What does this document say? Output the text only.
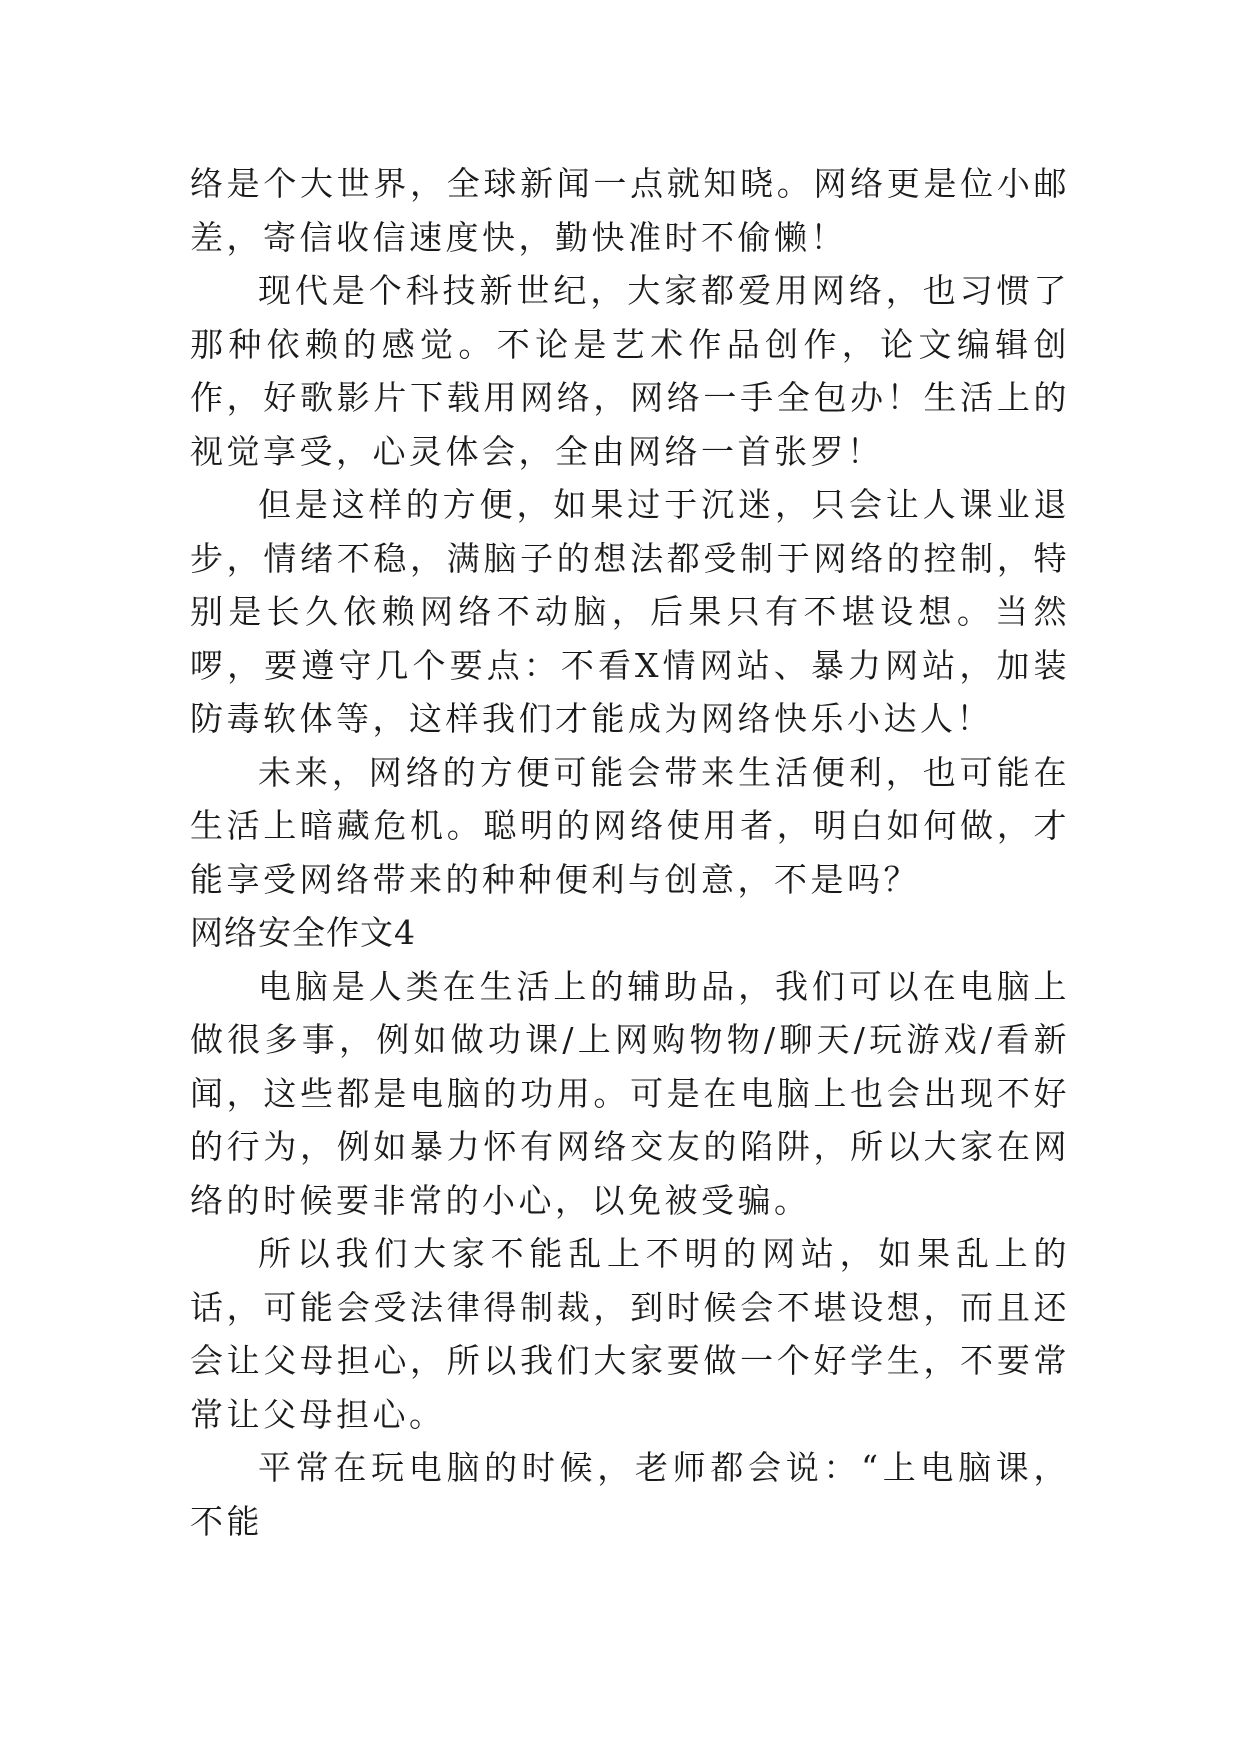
络是个大世界，全球新闻一点就知晓。网络更是位小邮差，寄信收信速度快，勤快准时不偷懒！

现代是个科技新世纪，大家都爱用网络，也习惯了那种依赖的感觉。不论是艺术作品创作，论文编辑创作，好歌影片下载用网络，网络一手全包办！生活上的视觉享受，心灵体会，全由网络一首张罗！

但是这样的方便，如果过于沉迷，只会让人课业退步，情绪不稳，满脑子的想法都受制于网络的控制，特别是长久依赖网络不动脑，后果只有不堪设想。当然啰，要遵守几个要点：不看X情网站、暴力网站，加装防毒软体等，这样我们才能成为网络快乐小达人！

未来，网络的方便可能会带来生活便利，也可能在生活上暗藏危机。聪明的网络使用者，明白如何做，才能享受网络带来的种种便利与创意，不是吗？

网络安全作文4

电脑是人类在生活上的辅助品，我们可以在电脑上做很多事，例如做功课/上网购物物/聊天/玩游戏/看新闻，这些都是电脑的功用。可是在电脑上也会出现不好的行为，例如暴力怀有网络交友的陷阱，所以大家在网络的时候要非常的小心，以免被受骗。

所以我们大家不能乱上不明的网站，如果乱上的话，可能会受法律得制裁，到时候会不堪设想，而且还会让父母担心，所以我们大家要做一个好学生，不要常常让父母担心。

平常在玩电脑的时候，老师都会说：“上电脑课，不能
